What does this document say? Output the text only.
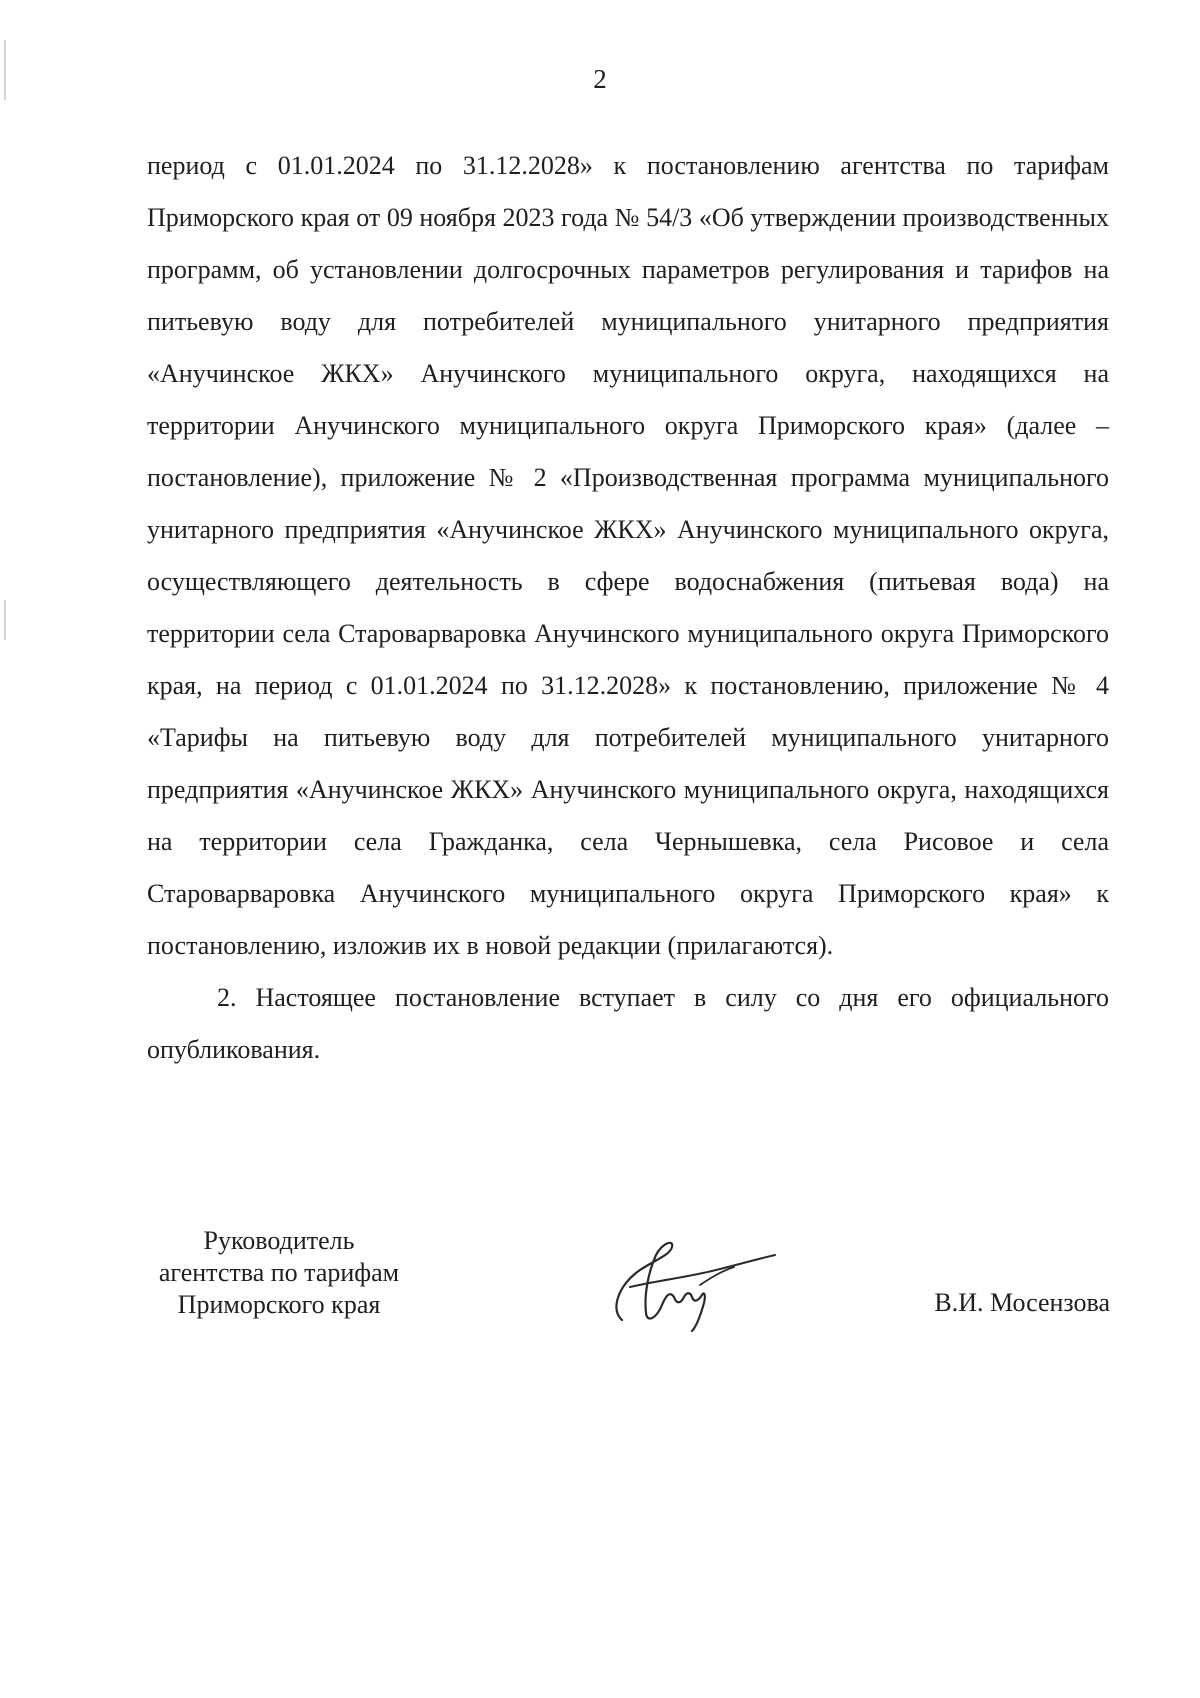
2

период с 01.01.2024 по 31.12.2028» к постановлению агентства по тарифам Приморского края от 09 ноября 2023 года № 54/3 «Об утверждении производственных программ, об установлении долгосрочных параметров регулирования и тарифов на питьевую воду для потребителей муниципального унитарного предприятия «Анучинское ЖКХ» Анучинского муниципального округа, находящихся на территории Анучинского муниципального округа Приморского края» (далее – постановление), приложение № 2 «Производственная программа муниципального унитарного предприятия «Анучинское ЖКХ» Анучинского муниципального округа, осуществляющего деятельность в сфере водоснабжения (питьевая вода) на территории села Староварваровка Анучинского муниципального округа Приморского края, на период с 01.01.2024 по 31.12.2028» к постановлению, приложение № 4 «Тарифы на питьевую воду для потребителей муниципального унитарного предприятия «Анучинское ЖКХ» Анучинского муниципального округа, находящихся на территории села Гражданка, села Чернышевка, села Рисовое и села Староварваровка Анучинского муниципального округа Приморского края» к постановлению, изложив их в новой редакции (прилагаются).

2. Настоящее постановление вступает в силу со дня его официального опубликования.

Руководитель
агентства по тарифам
Приморского края	В.И. Мосензова
